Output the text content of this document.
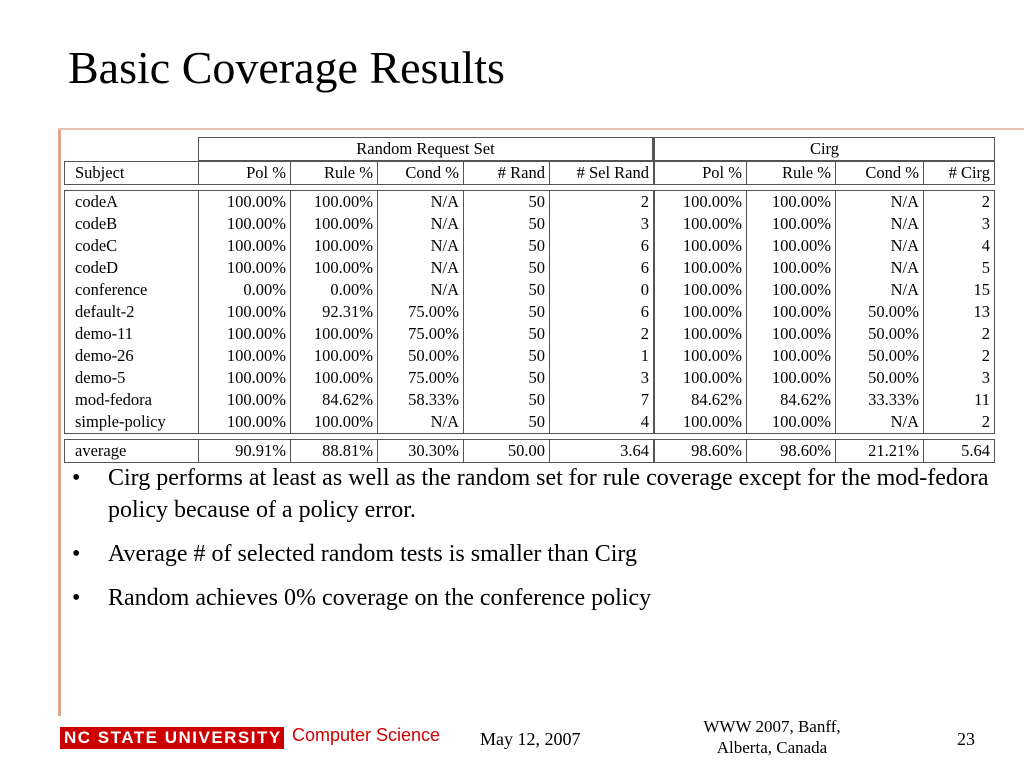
Basic Coverage Results
	Random Request Set					Cirg			
Subject	Pol %	Rule %	Cond %	# Rand	# Sel Rand	Pol %	Rule %	Cond %	# Cirg

codeA	100.00%	100.00%	N/A	50	2	100.00%	100.00%	N/A	2
codeB	100.00%	100.00%	N/A	50	3	100.00%	100.00%	N/A	3
codeC	100.00%	100.00%	N/A	50	6	100.00%	100.00%	N/A	4
codeD	100.00%	100.00%	N/A	50	6	100.00%	100.00%	N/A	5
conference	0.00%	0.00%	N/A	50	0	100.00%	100.00%	N/A	15
default-2	100.00%	92.31%	75.00%	50	6	100.00%	100.00%	50.00%	13
demo-11	100.00%	100.00%	75.00%	50	2	100.00%	100.00%	50.00%	2
demo-26	100.00%	100.00%	50.00%	50	1	100.00%	100.00%	50.00%	2
demo-5	100.00%	100.00%	75.00%	50	3	100.00%	100.00%	50.00%	3
mod-fedora	100.00%	84.62%	58.33%	50	7	84.62%	84.62%	33.33%	11
simple-policy	100.00%	100.00%	N/A	50	4	100.00%	100.00%	N/A	2

average	90.91%	88.81%	30.30%	50.00	3.64	98.60%	98.60%	21.21%	5.64
• Cirg performs at least as well as the random set for rule coverage except for the mod-fedora policy because of a policy error.
• Average # of selected random tests is smaller than Cirg
• Random achieves 0% coverage on the conference policy
NC STATE UNIVERSITY Computer Science May 12, 2007
WWW 2007, Banff,
Alberta, Canada	23
